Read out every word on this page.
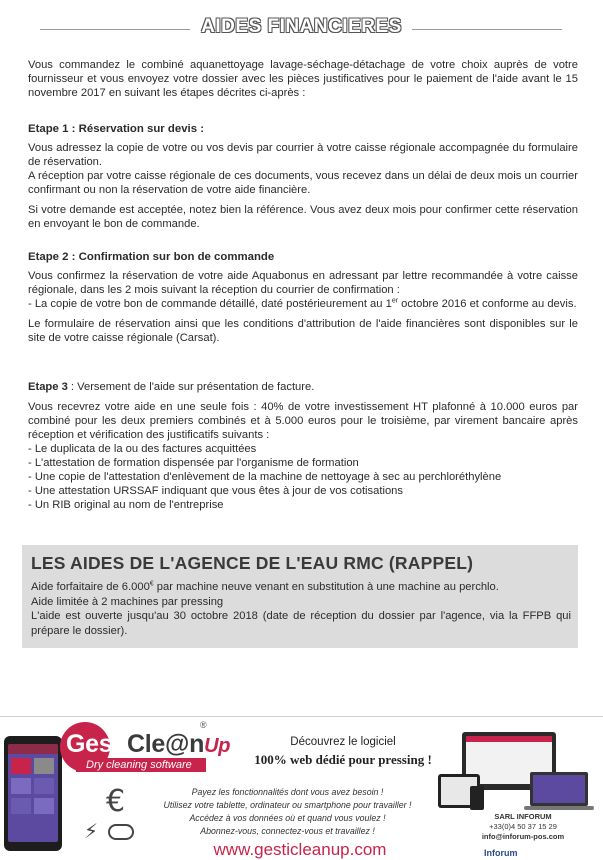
AIDES FINANCIERES

Vous commandez le combiné aquanettoyage lavage-séchage-détachage de votre choix auprès de votre fournisseur et vous envoyez votre dossier avec les pièces justificatives pour le paiement de l'aide avant le 15 novembre 2017 en suivant les étapes décrites ci-après :

Etape 1 : Réservation sur devis :

Vous adressez la copie de votre ou vos devis par courrier à votre caisse régionale accompagnée du formulaire de réservation.

A réception par votre caisse régionale de ces documents, vous recevez dans un délai de deux mois un courrier confirmant ou non la réservation de votre aide financière.

Si votre demande est acceptée, notez bien la référence. Vous avez deux mois pour confirmer cette réservation en envoyant le bon de commande.

Etape 2 : Confirmation sur bon de commande

Vous confirmez la réservation de votre aide Aquabonus en adressant par lettre recommandée à votre caisse régionale, dans les 2 mois suivant la réception du courrier de confirmation :

- La copie de votre bon de commande détaillé, daté postérieurement au 1er octobre 2016 et conforme au devis.

Le formulaire de réservation ainsi que les conditions d'attribution de l'aide financières sont disponibles sur le site de votre caisse régionale (Carsat).

Etape 3 : Versement de l'aide sur présentation de facture.

Vous recevrez votre aide en une seule fois : 40% de votre investissement HT plafonné à 10.000 euros par combiné pour les deux premiers combinés et à 5.000 euros pour le troisième, par virement bancaire après réception et vérification des justificatifs suivants :

- Le duplicata de la ou des factures acquittées
- L'attestation de formation dispensée par l'organisme de formation
- Une copie de l'attestation d'enlèvement de la machine de nettoyage à sec au perchloréthylène
- Une attestation URSSAF indiquant que vous êtes à jour de vos cotisations
- Un RIB original au nom de l'entreprise
LES AIDES DE L'AGENCE DE L'EAU RMC (RAPPEL)

Aide forfaitaire de 6.000€ par machine neuve venant en substitution à une machine au perchlo.

Aide limitée à 2 machines par pressing

L'aide est ouverte jusqu'au 30 octobre 2018 (date de réception du dossier par l'agence, via la FFPB qui prépare le dossier).

GestiCle@nUp
®
Dry cleaning software
€
⚡
Découvrez le logiciel
100% web dédié pour pressing !
Payez les fonctionnalités dont vous avez besoin !
Utilisez votre tablette, ordinateur ou smartphone pour travailler !
Accédez à vos données où et quand vous voulez !
Abonnez-vous, connectez-vous et travaillez !
www.gesticleanup.com
SARL INFORUM
+33(0)4 50 37 15 29
info@inforum-pos.com
Inforum
